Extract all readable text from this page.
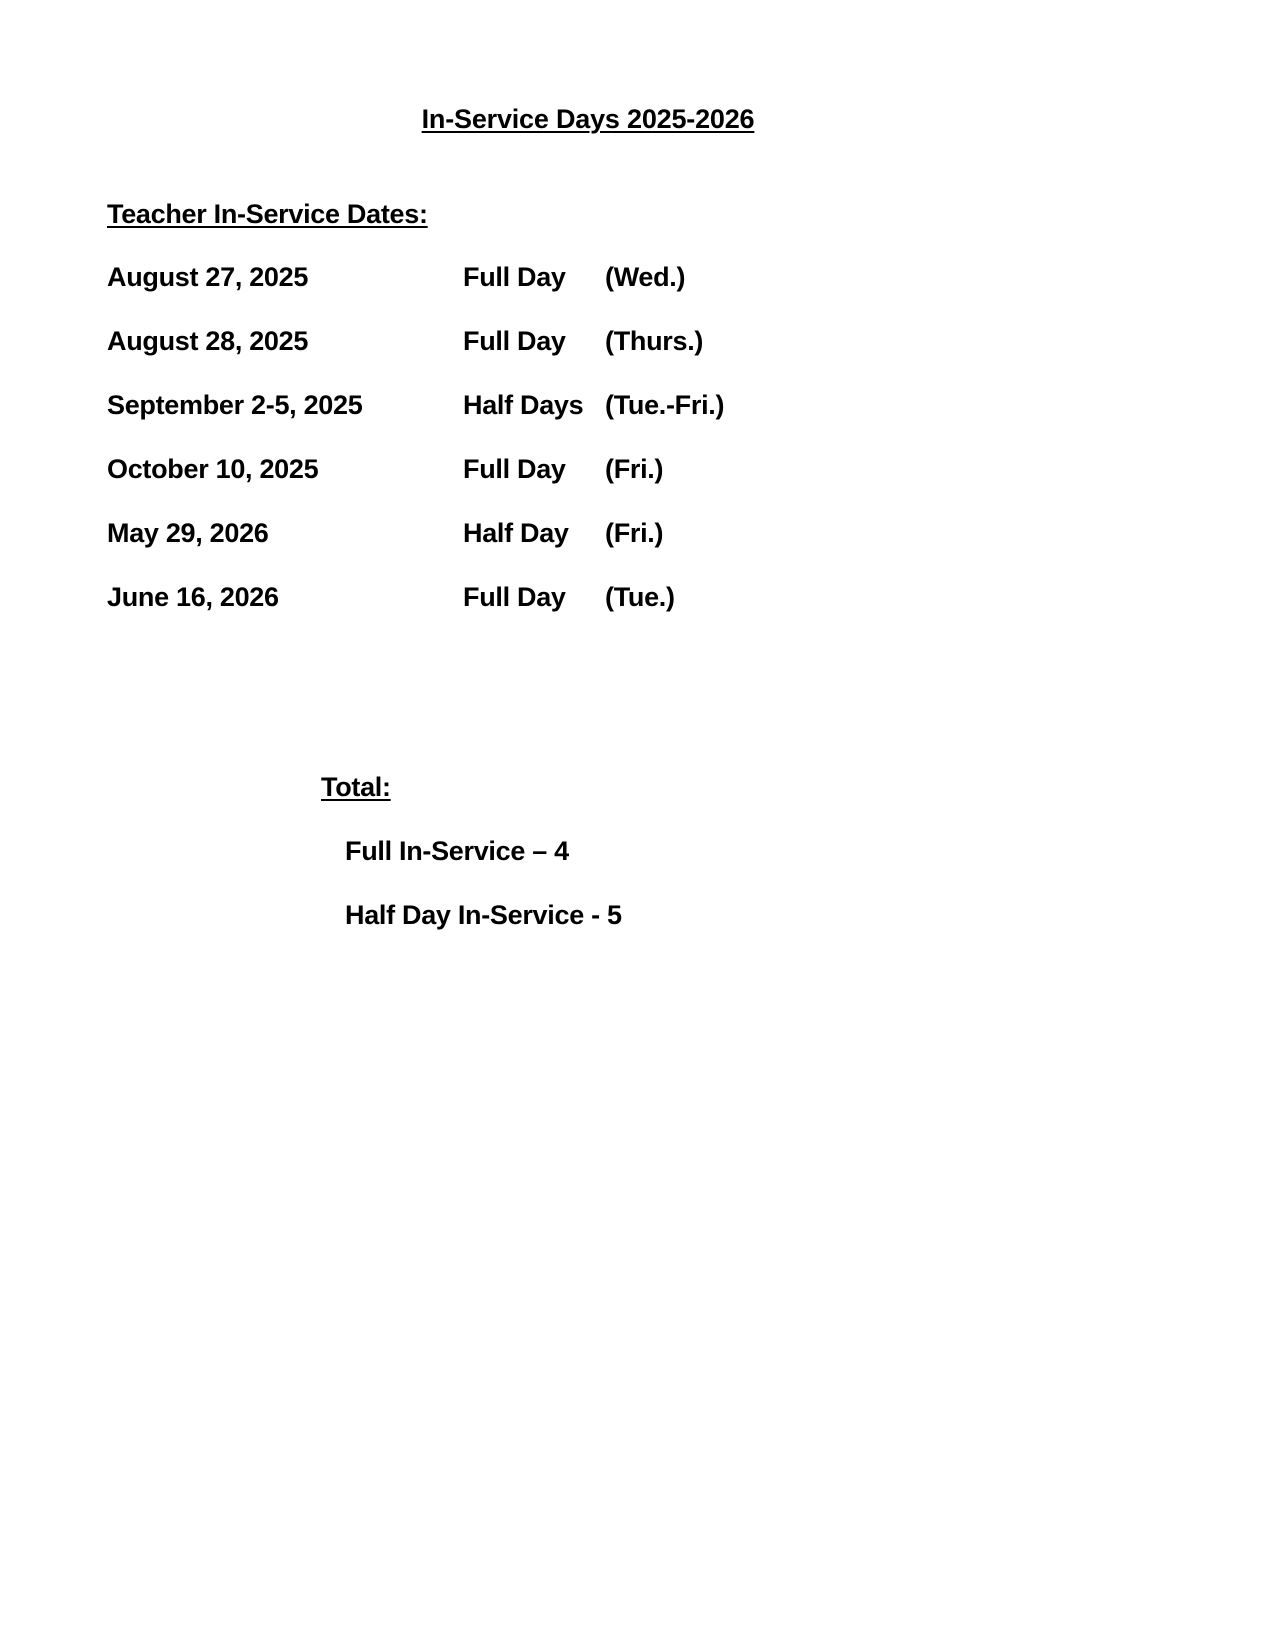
In-Service Days 2025-2026
Teacher In-Service Dates:
August 27, 2025	Full Day (Wed.)
August 28, 2025	Full Day (Thurs.)
September 2-5, 2025	Half Days (Tue.-Fri.)
October 10, 2025	Full Day (Fri.)
May 29, 2026	Half Day (Fri.)
June 16, 2026	Full Day (Tue.)
Total:
Full In-Service – 4
Half Day In-Service - 5
